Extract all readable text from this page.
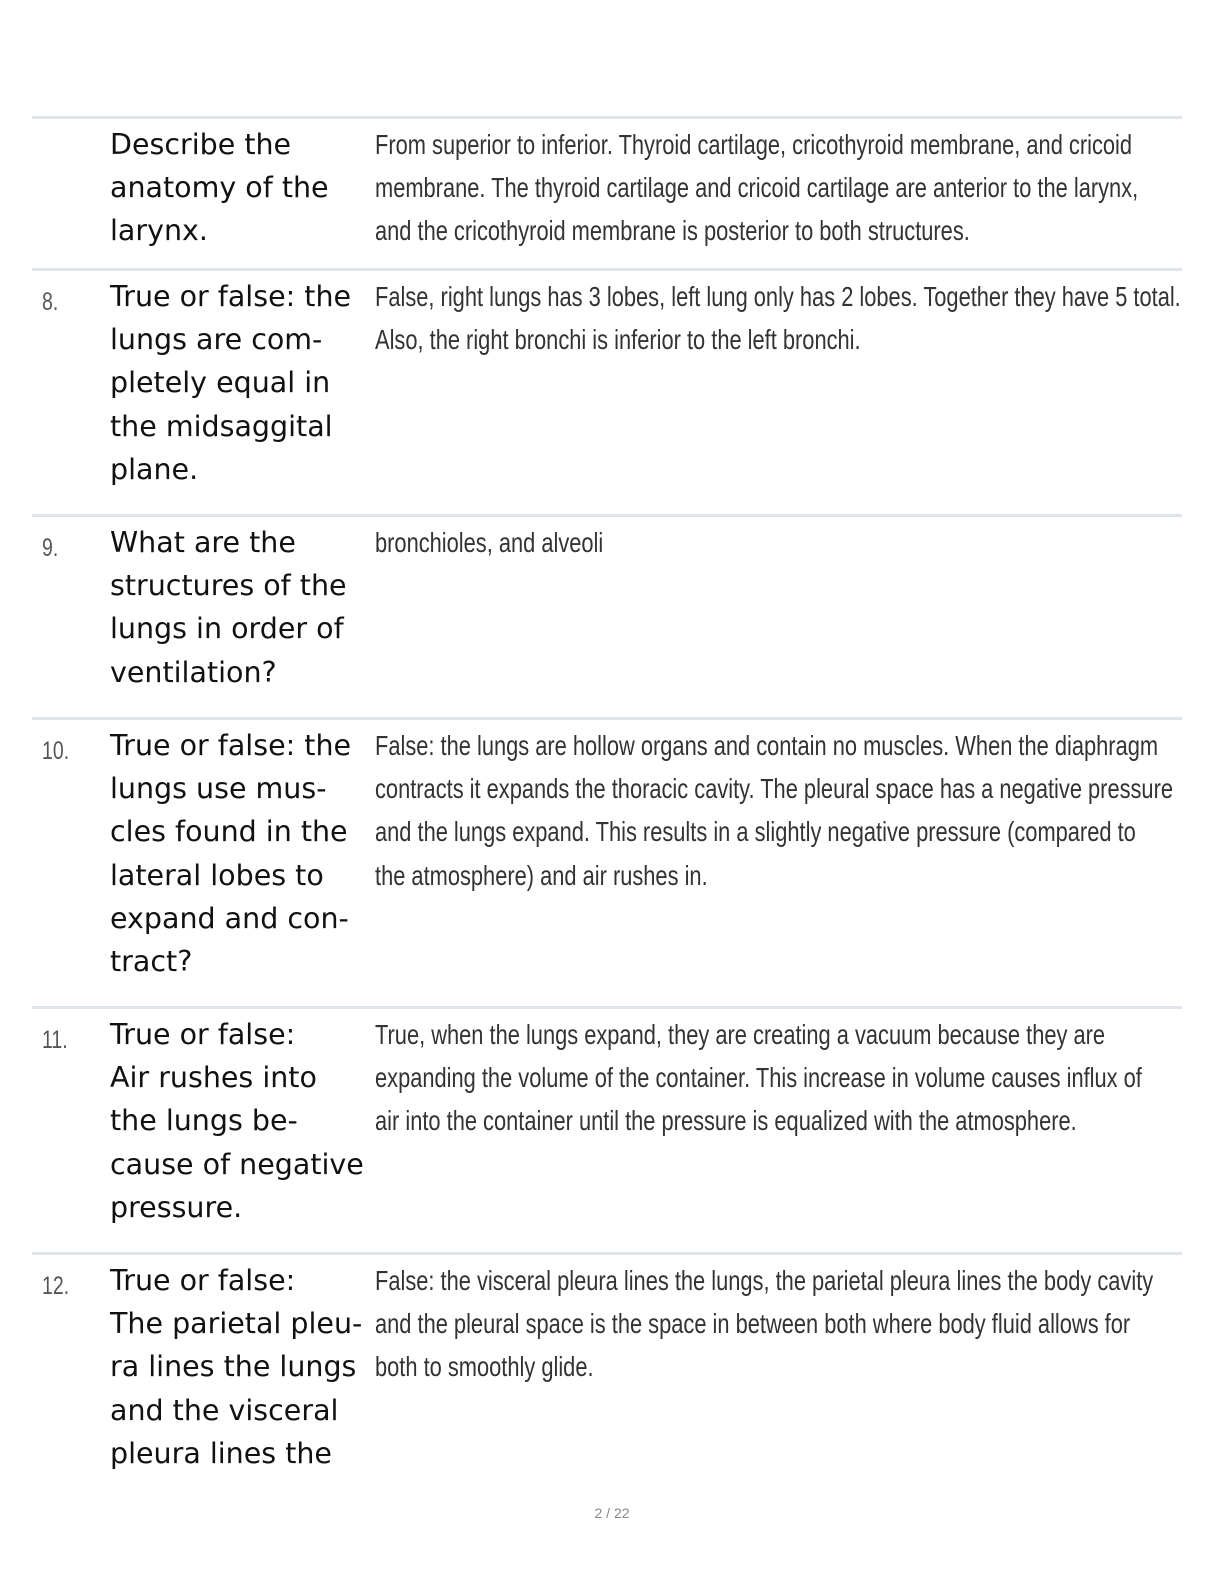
Describe the
anatomy of the
larynx.
From superior to inferior. Thyroid cartilage, cricothyroid membrane, and cricoid
membrane. The thyroid cartilage and cricoid cartilage are anterior to the larynx,
and the cricothyroid membrane is posterior to both structures.
8. True or false: the
lungs are com-
pletely equal in
the midsaggital
plane.
False, right lungs has 3 lobes, left lung only has 2 lobes. Together they have 5 total.
Also, the right bronchi is inferior to the left bronchi.
9. What are the
structures of the
lungs in order of
ventilation?
bronchioles, and alveoli
10. True or false: the
lungs use mus-
cles found in the
lateral lobes to
expand and con-
tract?
False: the lungs are hollow organs and contain no muscles. When the diaphragm
contracts it expands the thoracic cavity. The pleural space has a negative pressure
and the lungs expand. This results in a slightly negative pressure (compared to
the atmosphere) and air rushes in.
11. True or false:
Air rushes into
the lungs be-
cause of negative
pressure.
True, when the lungs expand, they are creating a vacuum because they are
expanding the volume of the container. This increase in volume causes influx of
air into the container until the pressure is equalized with the atmosphere.
12. True or false:
The parietal pleu-
ra lines the lungs
and the visceral
pleura lines the
False: the visceral pleura lines the lungs, the parietal pleura lines the body cavity
and the pleural space is the space in between both where body fluid allows for
both to smoothly glide.
2 / 22
